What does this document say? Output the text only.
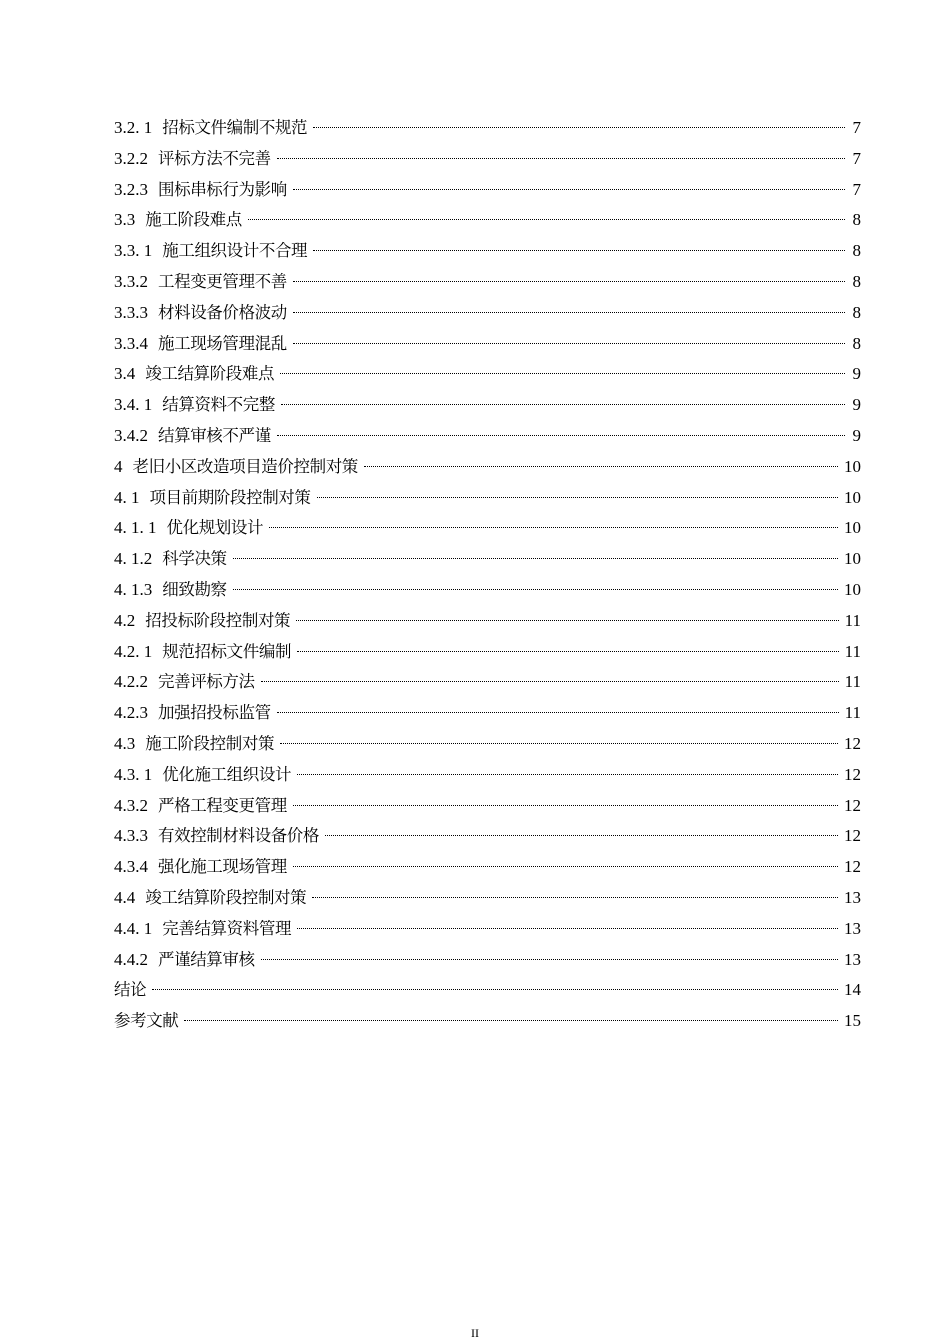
3.2. 1 招标文件编制不规范	7
3.2.2 评标方法不完善	7
3.2.3 围标串标行为影响	7
3.3 施工阶段难点	8
3.3. 1 施工组织设计不合理	8
3.3.2 工程变更管理不善	8
3.3.3 材料设备价格波动	8
3.3.4 施工现场管理混乱	8
3.4 竣工结算阶段难点	9
3.4. 1 结算资料不完整	9
3.4.2 结算审核不严谨	9
4 老旧小区改造项目造价控制对策	10
4. 1 项目前期阶段控制对策	10
4. 1. 1 优化规划设计	10
4. 1.2 科学决策	10
4. 1.3 细致勘察	10
4.2 招投标阶段控制对策	11
4.2. 1 规范招标文件编制	11
4.2.2 完善评标方法	11
4.2.3 加强招投标监管	11
4.3 施工阶段控制对策	12
4.3. 1 优化施工组织设计	12
4.3.2 严格工程变更管理	12
4.3.3 有效控制材料设备价格	12
4.3.4 强化施工现场管理	12
4.4 竣工结算阶段控制对策	13
4.4. 1 完善结算资料管理	13
4.4.2 严谨结算审核	13
结论	14
参考文献	15
II
